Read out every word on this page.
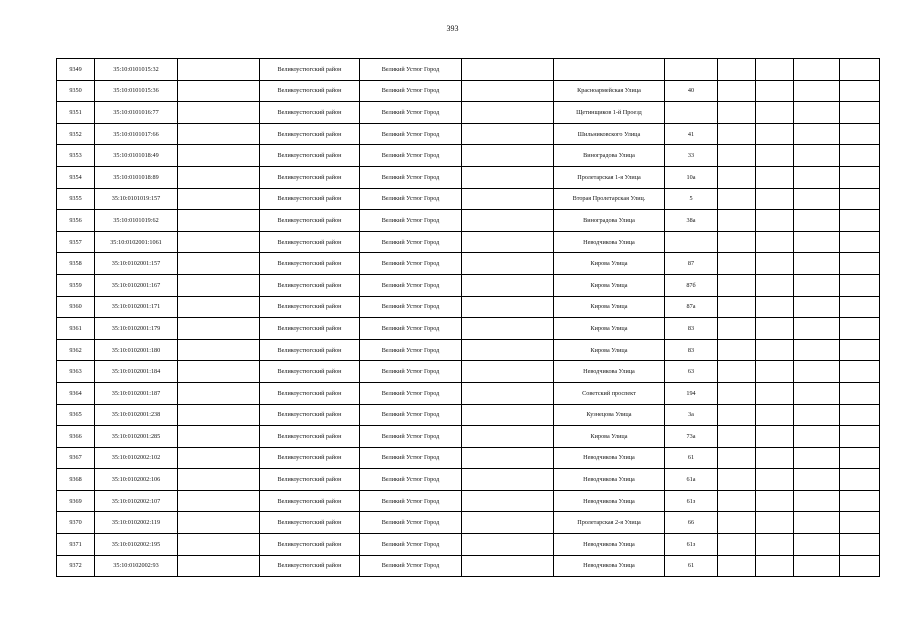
393
9349	35:10:0101015:32		Великоустюгский район	Великий Устюг Город							
9350	35:10:0101015:36		Великоустюгский район	Великий Устюг Город		Красноармейская Улица	40				
9351	35:10:0101016:77		Великоустюгский район	Великий Устюг Город		Щетинщиков 1-й Проезд					
9352	35:10:0101017:66		Великоустюгский район	Великий Устюг Город		Шильниковского Улица	41				
9353	35:10:0101018:49		Великоустюгский район	Великий Устюг Город		Виноградова Улица	33				
9354	35:10:0101018:89		Великоустюгский район	Великий Устюг Город		Пролетарская 1-я Улица	10а				
9355	35:10:0101019:157		Великоустюгский район	Великий Устюг Город		Вторая Пролетарская Улиц.	5				
9356	35:10:0101019:62		Великоустюгский район	Великий Устюг Город		Виноградова Улица	38а				
9357	35:10:0102001:1061		Великоустюгский район	Великий Устюг Город		Неводчикова Улица					
9358	35:10:0102001:157		Великоустюгский район	Великий Устюг Город		Кирова Улица	87				
9359	35:10:0102001:167		Великоустюгский район	Великий Устюг Город		Кирова Улица	87б				
9360	35:10:0102001:171		Великоустюгский район	Великий Устюг Город		Кирова Улица	87а				
9361	35:10:0102001:179		Великоустюгский район	Великий Устюг Город		Кирова Улица	83				
9362	35:10:0102001:180		Великоустюгский район	Великий Устюг Город		Кирова Улица	83				
9363	35:10:0102001:184		Великоустюгский район	Великий Устюг Город		Неводчикова Улица	63				
9364	35:10:0102001:187		Великоустюгский район	Великий Устюг Город		Советский проспект	194				
9365	35:10:0102001:238		Великоустюгский район	Великий Устюг Город		Кузнецова Улица	3а				
9366	35:10:0102001:285		Великоустюгский район	Великий Устюг Город		Кирова Улица	73а				
9367	35:10:0102002:102		Великоустюгский район	Великий Устюг Город		Неводчикова Улица	61				
9368	35:10:0102002:106		Великоустюгский район	Великий Устюг Город		Неводчикова Улица	61а				
9369	35:10:0102002:107		Великоустюгский район	Великий Устюг Город		Неводчикова Улица	61з				
9370	35:10:0102002:119		Великоустюгский район	Великий Устюг Город		Пролетарская 2-я Улица	66				
9371	35:10:0102002:195		Великоустюгский район	Великий Устюг Город		Неводчикова Улица	61з				
9372	35:10:0102002:93		Великоустюгский район	Великий Устюг Город		Неводчикова Улица	61				
